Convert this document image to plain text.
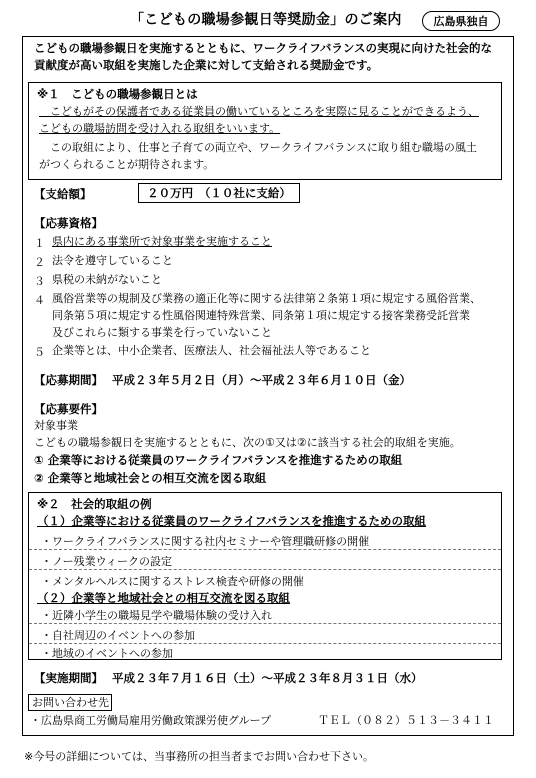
「こどもの職場参観日等奨励金」のご案内	広島県独自
こどもの職場参観日を実施するとともに、ワークライフバランスの実現に向けた社会的な
貢献度が高い取組を実施した企業に対して支給される奨励金です。
※１　こどもの職場参観日とは
　こどもがその保護者である従業員の働いているところを実際に見ることができるよう、
こどもの職場訪問を受け入れる取組をいいます。
　この取組により、仕事と子育ての両立や、ワークライフバランスに取り組む職場の風土
がつくられることが期待されます。
【支給額】	２０万円　（１０社に支給）
【応募資格】
１ 県内にある事業所で対象事業を実施すること
２ 法令を遵守していること
３ 県税の未納がないこと
４ 風俗営業等の規制及び業務の適正化等に関する法律第２条第１項に規定する風俗営業、
同条第５項に規定する性風俗関連特殊営業、同条第１項に規定する接客業務受託営業
及びこれらに類する事業を行っていないこと
５ 企業等とは、中小企業者、医療法人、社会福祉法人等であること
【応募期間】 平成２３年５月２日（月）～平成２３年６月１０日（金）
【応募要件】
対象事業
こどもの職場参観日を実施するとともに、次の①又は②に該当する社会的取組を実施。
① 企業等における従業員のワークライフバランスを推進するための取組
② 企業等と地域社会との相互交流を図る取組
※２　社会的取組の例
（１）企業等における従業員のワークライフバランスを推進するための取組
・ワークライフバランスに関する社内セミナーや管理職研修の開催
・ノー残業ウィークの設定
・メンタルヘルスに関するストレス検査や研修の開催
（２）企業等と地域社会との相互交流を図る取組
・近隣小学生の職場見学や職場体験の受け入れ
・自社周辺のイベントへの参加
・地域のイベントへの参加
【実施期間】 平成２３年７月１６日（土）～平成２３年８月３１日（水）
お問い合わせ先
・広島県商工労働局雇用労働政策課労使グループ	ＴＥＬ（０８２）５１３－３４１１
※今号の詳細については、当事務所の担当者までお問い合わせ下さい。
